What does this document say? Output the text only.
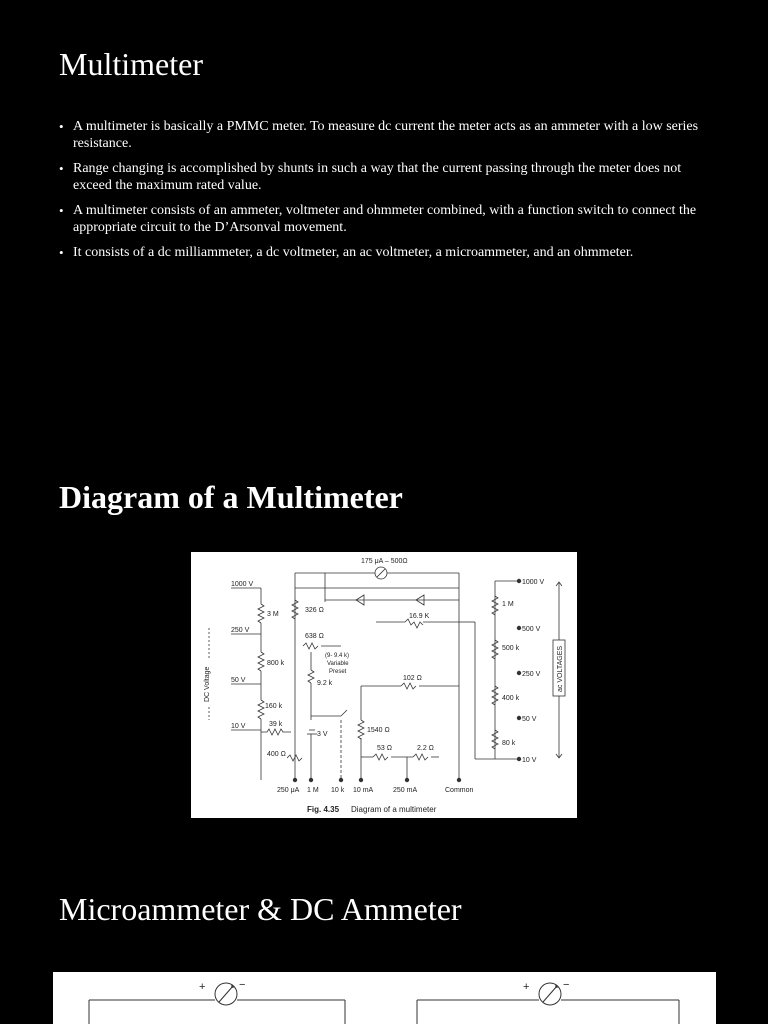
Multimeter
• A multimeter is basically a PMMC meter. To measure dc current the meter acts as an ammeter with a low series resistance.
• Range changing is accomplished by shunts in such a way that the current passing through the meter does not exceed the maximum rated value.
• A multimeter consists of an ammeter, voltmeter and ohmmeter combined, with a function switch to connect the appropriate circuit to the D’Arsonval movement.
• It consists of a dc milliammeter, a dc voltmeter, an ac voltmeter, a microammeter, and an ohmmeter.
Diagram of a Multimeter
1000 V
3 M
250 V
800 k
50 V
160 k
10 V	39 k
400 Ω
DC Voltage
175 μA – 500Ω
326 Ω
16.9 K
638 Ω
(9- 9.4 k)
Variable
Preset
9.2 k
102 Ω
3 V
1540 Ω
53 Ω	2.2 Ω
250 μA 1 M 10 k 10 mA	250 mA	Common
1000 V
1 M
500 V
500 k
250 V
400 k
50 V
80 k
10 V
ac VOLTAGES
Fig. 4.35 Diagram of a multimeter
Microammeter & DC Ammeter
+	−	+	−
